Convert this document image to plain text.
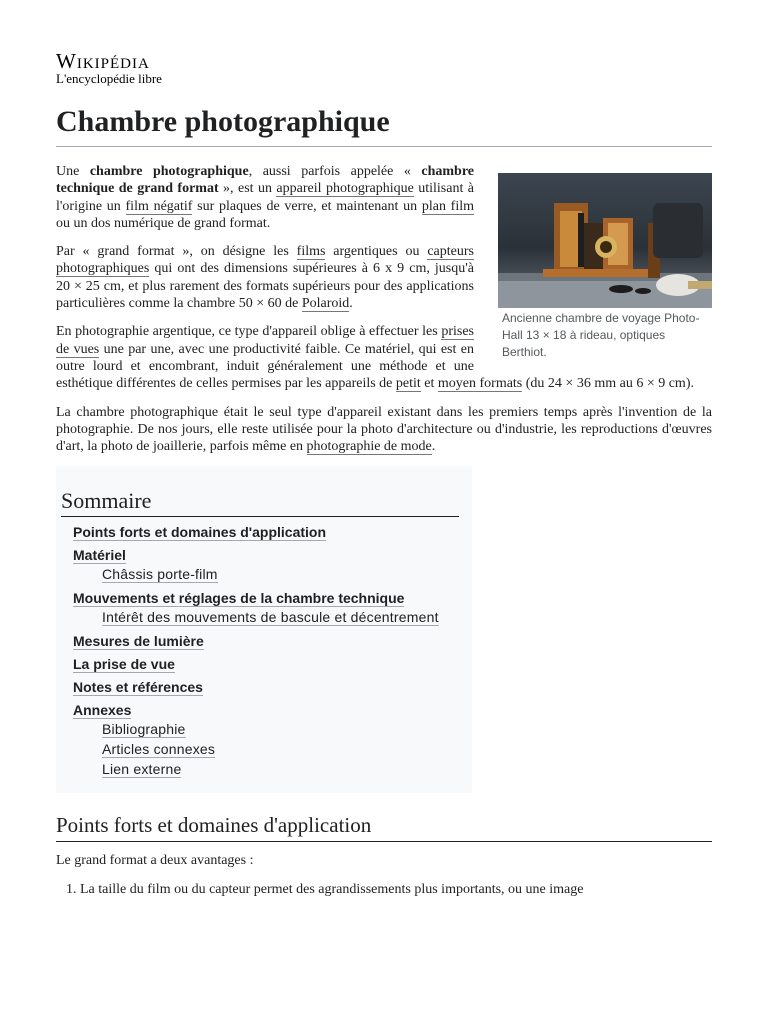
Wikipédia
L'encyclopédie libre
Chambre photographique
Ancienne chambre de voyage Photo-Hall 13 × 18 à rideau, optiques Berthiot.

Une chambre photographique, aussi parfois appelée « chambre technique de grand format », est un appareil photographique utilisant à l'origine un film négatif sur plaques de verre, et maintenant un plan film ou un dos numérique de grand format.

Par « grand format », on désigne les films argentiques ou capteurs photographiques qui ont des dimensions supérieures à 6 x 9 cm, jusqu'à 20 × 25 cm, et plus rarement des formats supérieurs pour des applications particulières comme la chambre 50 × 60 de Polaroid.

En photographie argentique, ce type d'appareil oblige à effectuer les prises de vues une par une, avec une productivité faible. Ce matériel, qui est en outre lourd et encombrant, induit généralement une méthode et une esthétique différentes de celles permises par les appareils de petit et moyen formats (du 24 × 36 mm au 6 × 9 cm).

La chambre photographique était le seul type d'appareil existant dans les premiers temps après l'invention de la photographie. De nos jours, elle reste utilisée pour la photo d'architecture ou d'industrie, les reproductions d'œuvres d'art, la photo de joaillerie, parfois même en photographie de mode.

Sommaire
Points forts et domaines d'application
Matériel
Châssis porte-film
Mouvements et réglages de la chambre technique
Intérêt des mouvements de bascule et décentrement
Mesures de lumière
La prise de vue
Notes et références
Annexes
Bibliographie
Articles connexes
Lien externe
Points forts et domaines d'application

Le grand format a deux avantages :

1. La taille du film ou du capteur permet des agrandissements plus importants, ou une image
